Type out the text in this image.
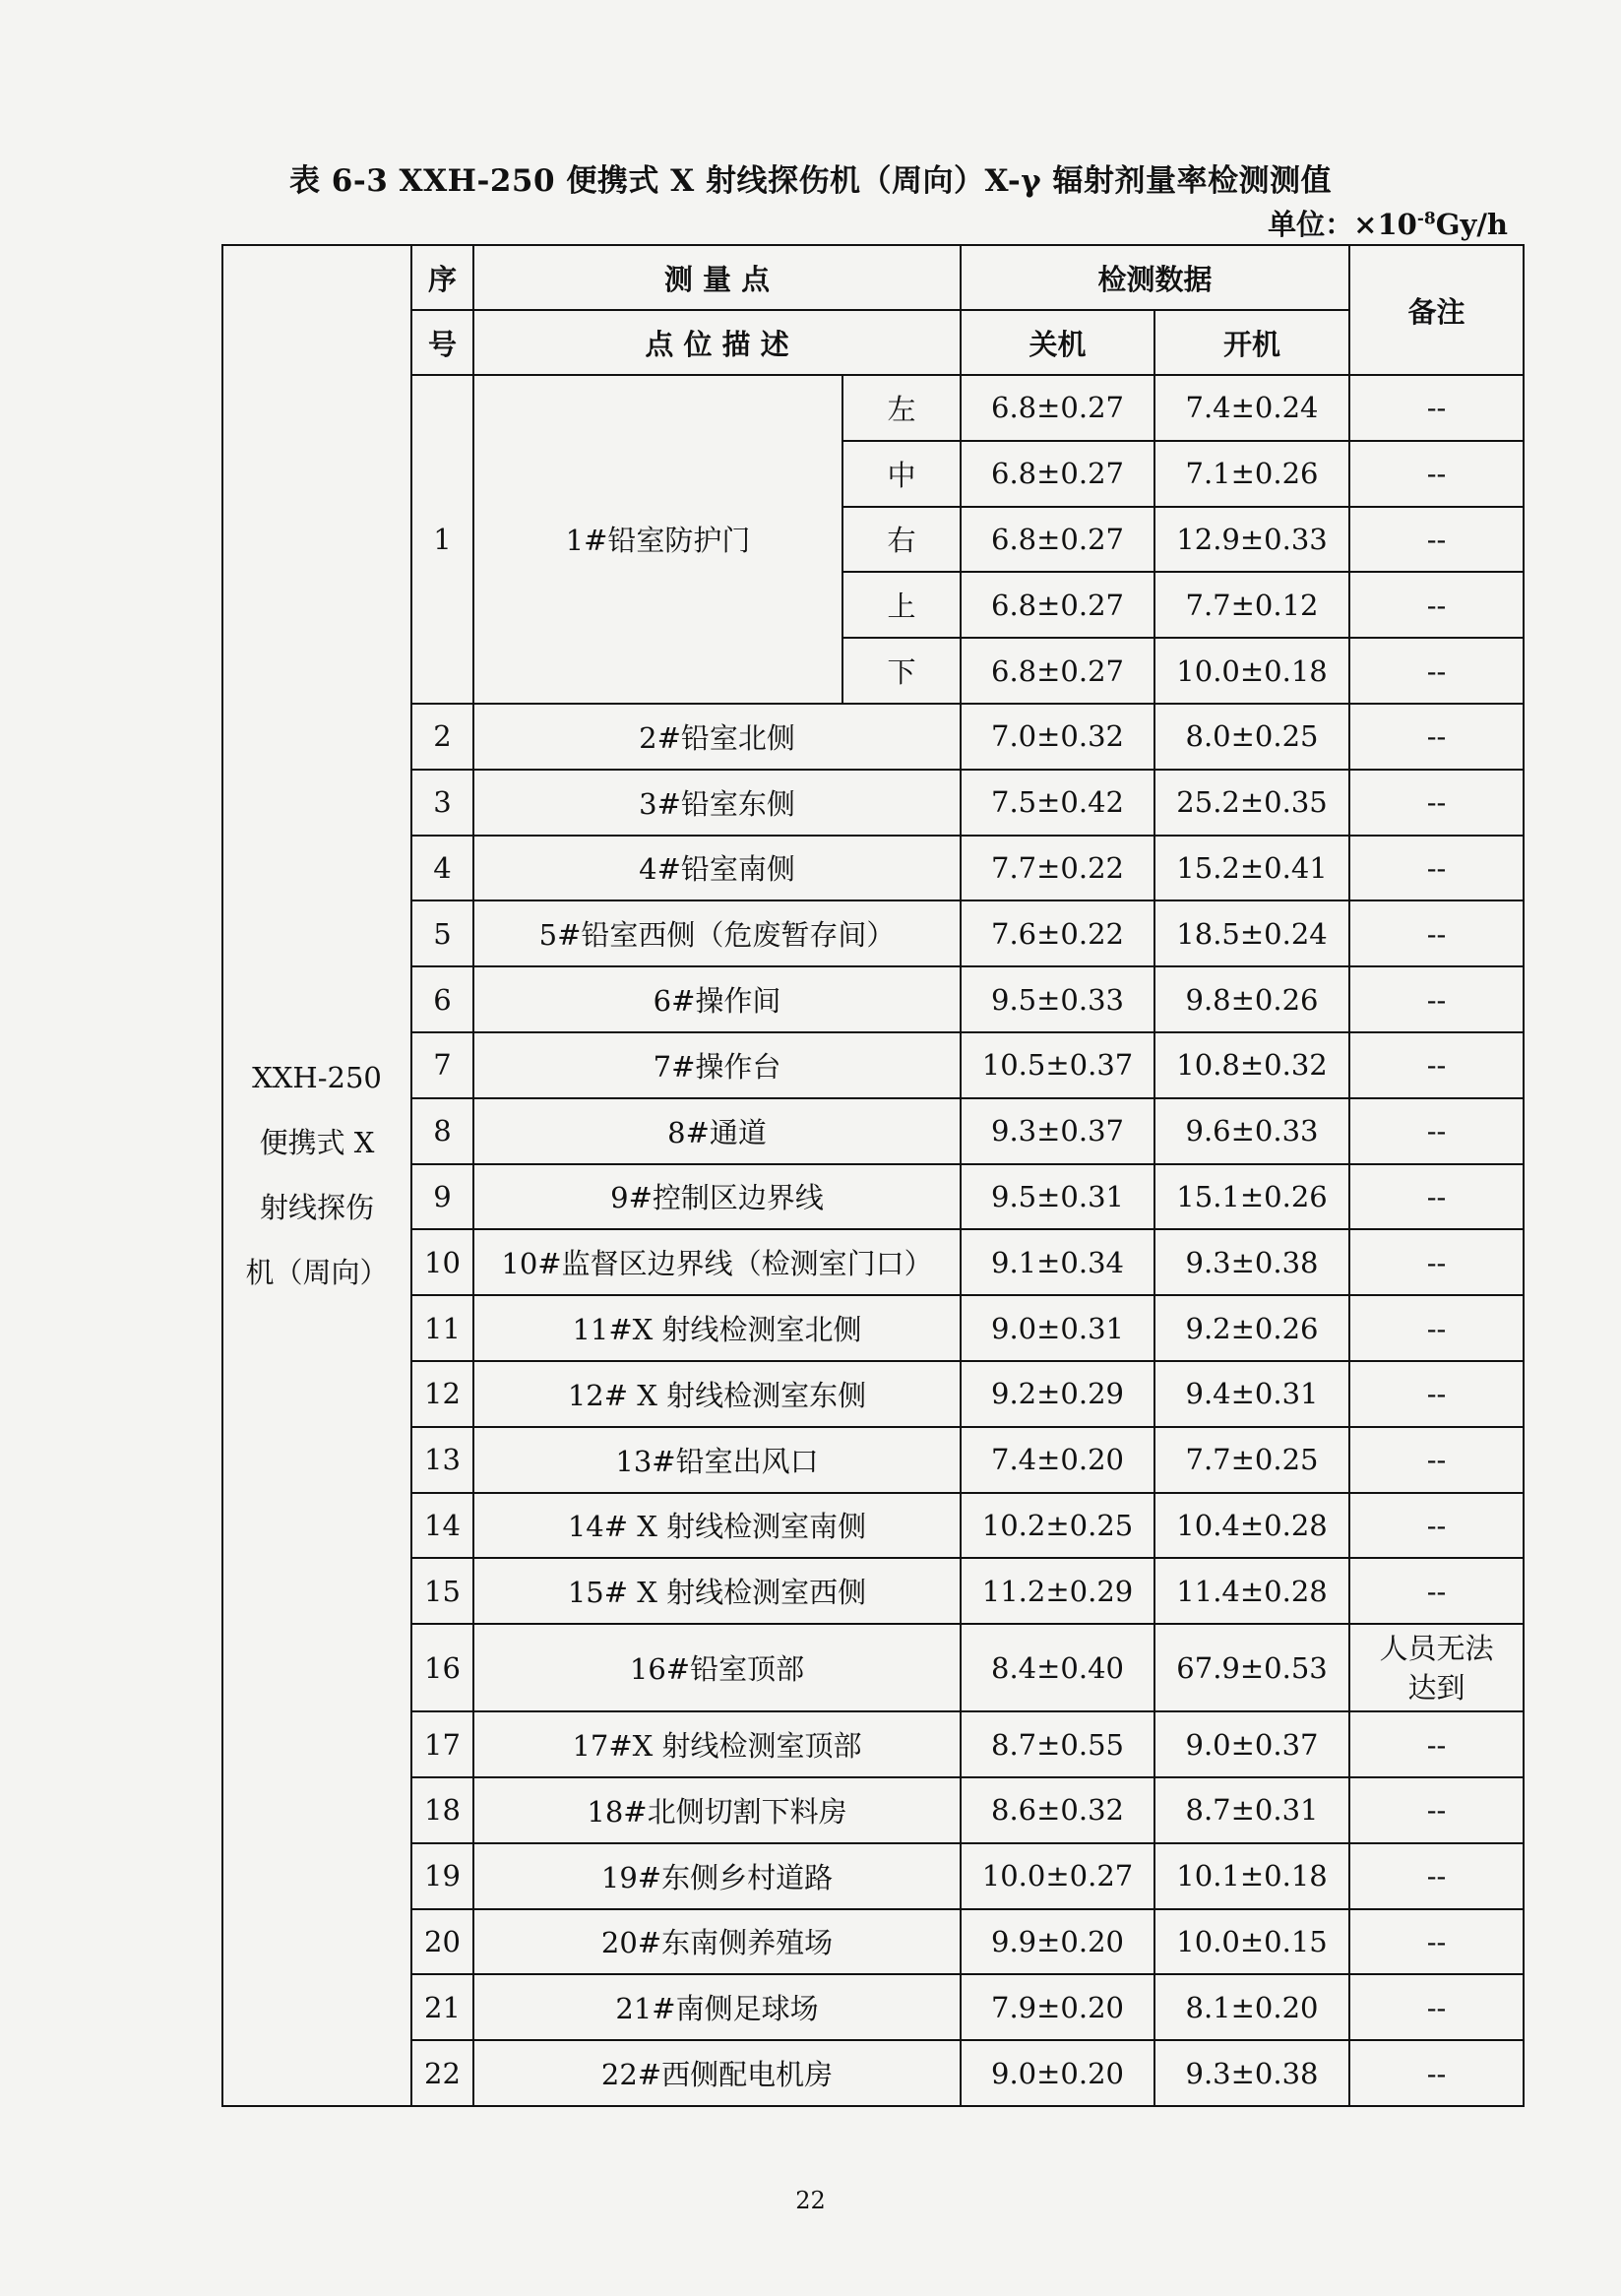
表 6-3 XXH-250 便携式 X 射线探伤机（周向）X-γ 辐射剂量率检测测值
单位：$\times 10^{-8}Gy/h$
XXH-250
便携式 X
射线探伤
机（周向）	序	测 量 点		检测数据		备注
	号	点 位 描 述		关机	开机	
	1	1#铅室防护门	左	6.8±0.27	7.4±0.24	--
			中	6.8±0.27	7.1±0.26	--
			右	6.8±0.27	12.9±0.33	--
			上	6.8±0.27	7.7±0.12	--
			下	6.8±0.27	10.0±0.18	--
	2	2#铅室北侧		7.0±0.32	8.0±0.25	--
	3	3#铅室东侧		7.5±0.42	25.2±0.35	--
	4	4#铅室南侧		7.7±0.22	15.2±0.41	--
	5	5#铅室西侧（危废暂存间）		7.6±0.22	18.5±0.24	--
	6	6#操作间		9.5±0.33	9.8±0.26	--
	7	7#操作台		10.5±0.37	10.8±0.32	--
	8	8#通道		9.3±0.37	9.6±0.33	--
	9	9#控制区边界线		9.5±0.31	15.1±0.26	--
	10	10#监督区边界线（检测室门口）		9.1±0.34	9.3±0.38	--
	11	11#X 射线检测室北侧		9.0±0.31	9.2±0.26	--
	12	12# X 射线检测室东侧		9.2±0.29	9.4±0.31	--
	13	13#铅室出风口		7.4±0.20	7.7±0.25	--
	14	14# X 射线检测室南侧		10.2±0.25	10.4±0.28	--
	15	15# X 射线检测室西侧		11.2±0.29	11.4±0.28	--
	16	16#铅室顶部		8.4±0.40	67.9±0.53	人员无法
达到

	17	17#X 射线检测室顶部		8.7±0.55	9.0±0.37	--
	18	18#北侧切割下料房		8.6±0.32	8.7±0.31	--
	19	19#东侧乡村道路		10.0±0.27	10.1±0.18	--
	20	20#东南侧养殖场		9.9±0.20	10.0±0.15	--
	21	21#南侧足球场		7.9±0.20	8.1±0.20	--
	22	22#西侧配电机房		9.0±0.20	9.3±0.38	--
22
